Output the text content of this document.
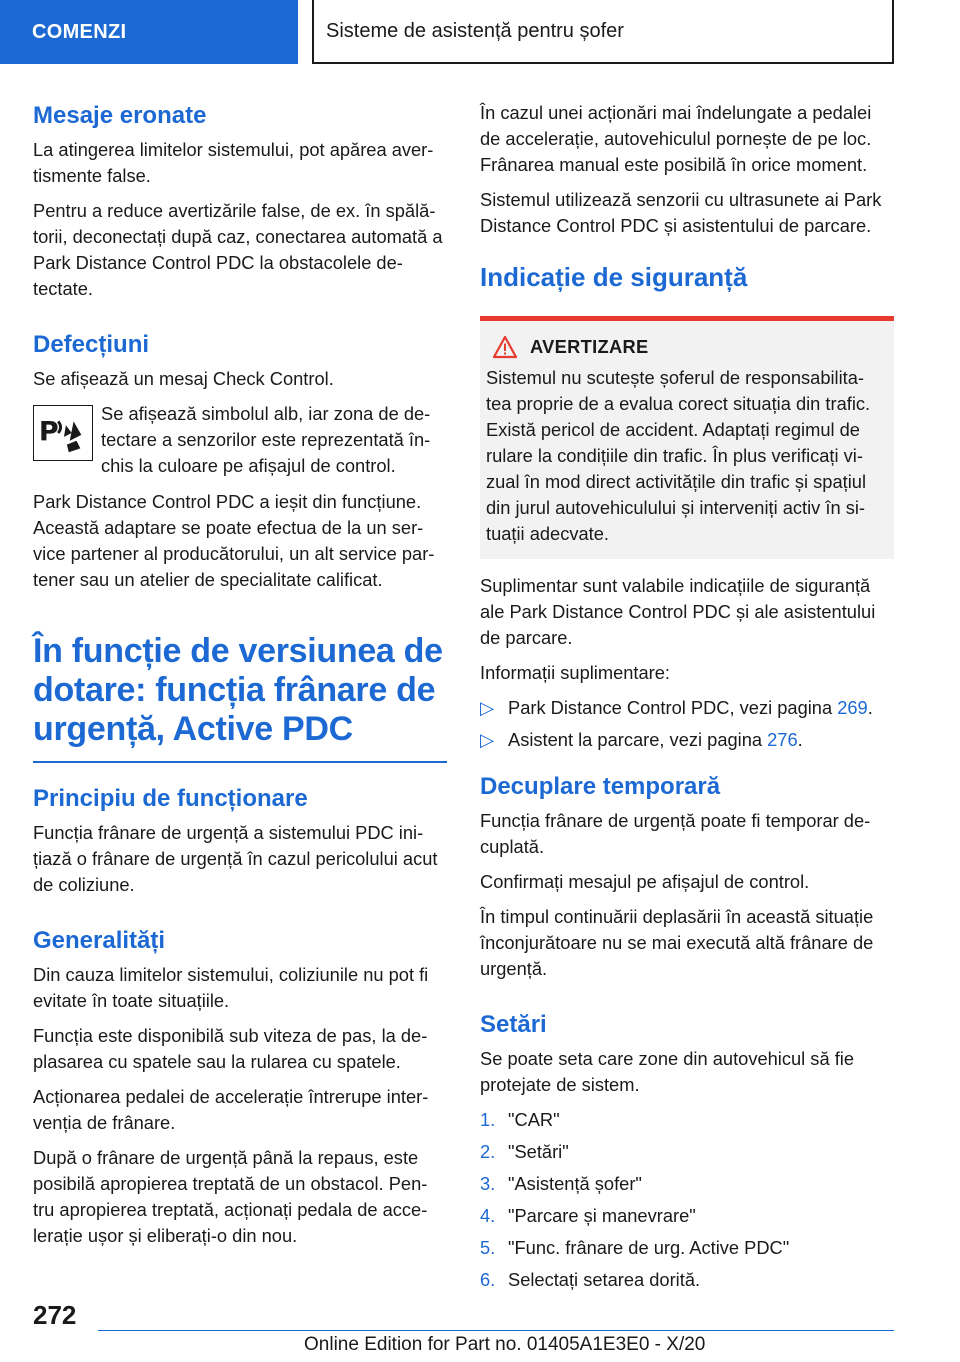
COMENZI	Sisteme de asistență pentru șofer
Mesaje eronate

La atingerea limitelor sistemului, pot apărea aver-tismente false.

Pentru a reduce avertizările false, de ex. în spălă-torii, deconectați după caz, conectarea automată a Park Distance Control PDC la obstacolele de-tectate.

Defecțiuni

Se afișează un mesaj Check Control.

P

Se afișează simbolul alb, iar zona de de-tectare a senzorilor este reprezentată în-chis la culoare pe afișajul de control.

Park Distance Control PDC a ieșit din funcțiune. Această adaptare se poate efectua de la un ser-vice partener al producătorului, un alt service par-tener sau un atelier de specialitate calificat.

În funcție de versiunea de dotare: funcția frânare de urgență, Active PDC
Principiu de funcționare

Funcția frânare de urgență a sistemului PDC ini-țiază o frânare de urgență în cazul pericolului acut de coliziune.

Generalități

Din cauza limitelor sistemului, coliziunile nu pot fi evitate în toate situațiile.

Funcția este disponibilă sub viteza de pas, la de-plasarea cu spatele sau la rularea cu spatele.

Acționarea pedalei de accelerație întrerupe inter-venția de frânare.

După o frânare de urgență până la repaus, este posibilă apropierea treptată de un obstacol. Pen-tru apropierea treptată, acționați pedala de acce-lerație ușor și eliberați-o din nou.

În cazul unei acționări mai îndelungate a pedalei de accelerație, autovehiculul pornește de pe loc. Frânarea manual este posibilă în orice moment.

Sistemul utilizează senzorii cu ultrasunete ai Park Distance Control PDC și asistentului de parcare.

Indicație de siguranță
AVERTIZARE

Sistemul nu scutește șoferul de responsabilita-tea proprie de a evalua corect situația din trafic. Există pericol de accident. Adaptați regimul de rulare la condițiile din trafic. În plus verificați vi-zual în mod direct activitățile din trafic și spațiul din jurul autovehiculului și interveniți activ în si-tuații adecvate.

Suplimentar sunt valabile indicațiile de siguranță ale Park Distance Control PDC și ale asistentului de parcare.

Informații suplimentare:

▷ Park Distance Control PDC, vezi pagina 269.
▷ Asistent la parcare, vezi pagina 276.
Decuplare temporară

Funcția frânare de urgență poate fi temporar de-cuplată.

Confirmați mesajul pe afișajul de control.

În timpul continuării deplasării în această situație înconjurătoare nu se mai execută altă frânare de urgență.

Setări

Se poate seta care zone din autovehicul să fie protejate de sistem.

1. "CAR"
2. "Setări"
3. "Asistență șofer"
4. "Parcare și manevrare"
5. "Func. frânare de urg. Active PDC"
6. Selectați setarea dorită.
272
Online Edition for Part no. 01405A1E3E0 - X/20
